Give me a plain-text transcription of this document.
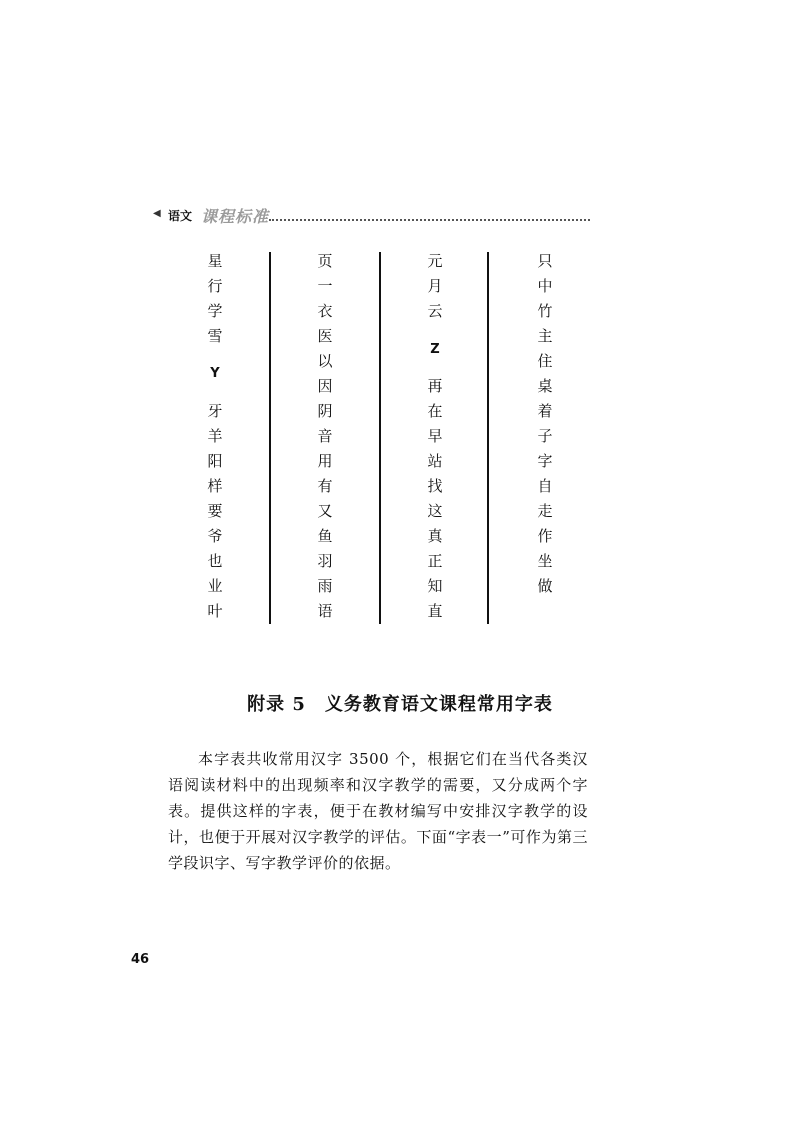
◀ 语文 课程标准
星
行
学
雪
Y
牙
羊
阳
样
要
爷
也
业
叶
页
一
衣
医
以
因
阴
音
用
有
又
鱼
羽
雨
语
元
月
云
Z
再
在
早
站
找
这
真
正
知
直
只
中
竹
主
住
桌
着
子
字
自
走
作
坐
做
附录 5　义务教育语文课程常用字表

本字表共收常用汉字 3500 个，根据它们在当代各类汉语阅读材料中的出现频率和汉字教学的需要，又分成两个字表。提供这样的字表，便于在教材编写中安排汉字教学的设计，也便于开展对汉字教学的评估。下面“字表一”可作为第三学段识字、写字教学评价的依据。

46
